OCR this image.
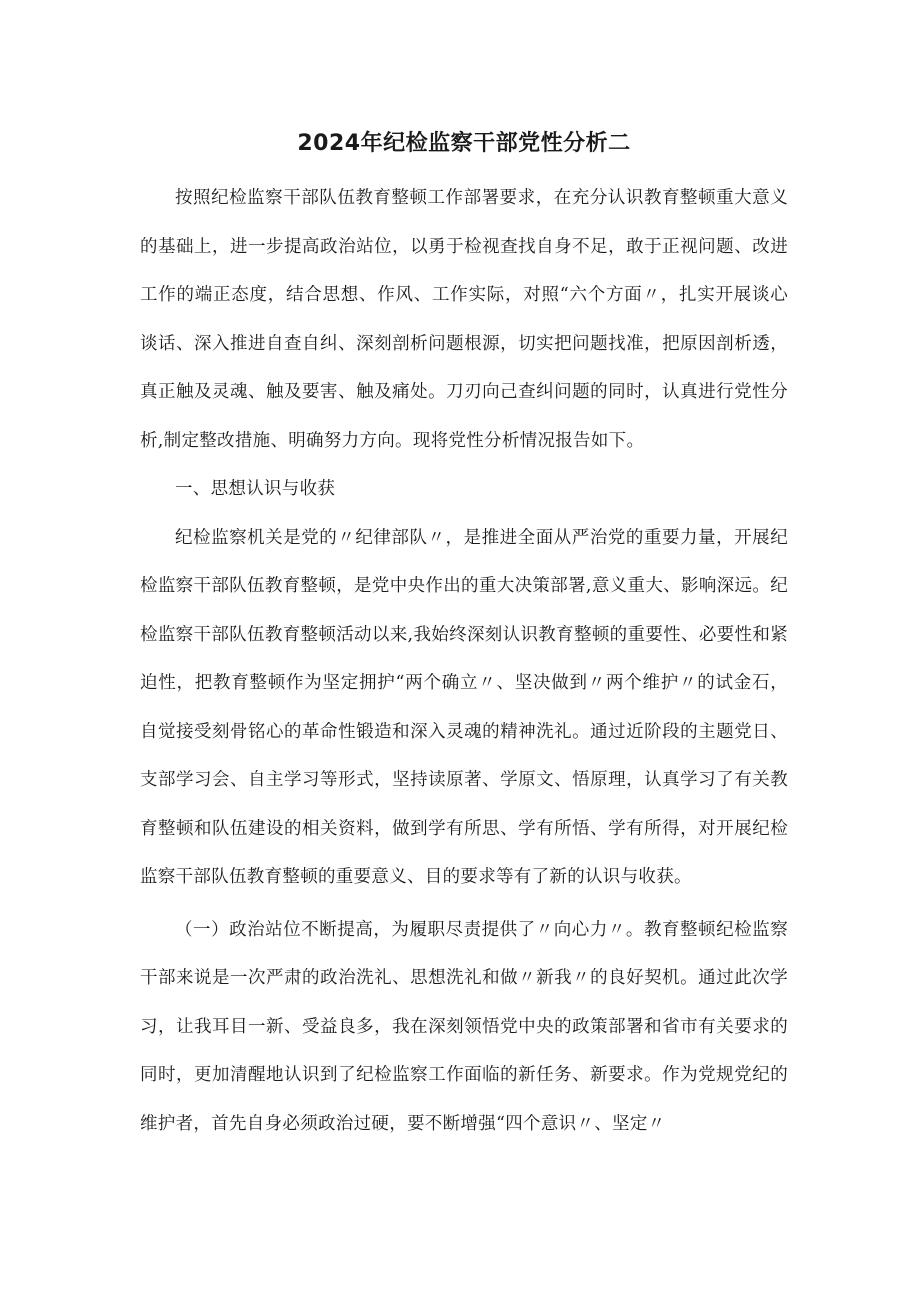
2024年纪检监察干部党性分析二

按照纪检监察干部队伍教育整顿工作部署要求，在充分认识教育整顿重大意义的基础上，进一步提高政治站位，以勇于检视查找自身不足，敢于正视问题、改进工作的端正态度，结合思想、作风、工作实际，对照“六个方面〃，扎实开展谈心谈话、深入推进自查自纠、深刻剖析问题根源，切实把问题找准，把原因剖析透，真正触及灵魂、触及要害、触及痛处。刀刃向己查纠问题的同时，认真进行党性分析,制定整改措施、明确努力方向。现将党性分析情况报告如下。

一、思想认识与收获

纪检监察机关是党的〃纪律部队〃，是推进全面从严治党的重要力量，开展纪检监察干部队伍教育整顿，是党中央作出的重大决策部署,意义重大、影响深远。纪检监察干部队伍教育整顿活动以来,我始终深刻认识教育整顿的重要性、必要性和紧迫性，把教育整顿作为坚定拥护“两个确立〃、坚决做到〃两个维护〃的试金石，自觉接受刻骨铭心的革命性锻造和深入灵魂的精神洗礼。通过近阶段的主题党日、支部学习会、自主学习等形式，坚持读原著、学原文、悟原理，认真学习了有关教育整顿和队伍建设的相关资料，做到学有所思、学有所悟、学有所得，对开展纪检监察干部队伍教育整顿的重要意义、目的要求等有了新的认识与收获。

（一）政治站位不断提高，为履职尽责提供了〃向心力〃。教育整顿纪检监察干部来说是一次严肃的政治洗礼、思想洗礼和做〃新我〃的良好契机。通过此次学习，让我耳目一新、受益良多，我在深刻领悟党中央的政策部署和省市有关要求的同时，更加清醒地认识到了纪检监察工作面临的新任务、新要求。作为党规党纪的维护者，首先自身必须政治过硬，要不断增强“四个意识〃、坚定〃
